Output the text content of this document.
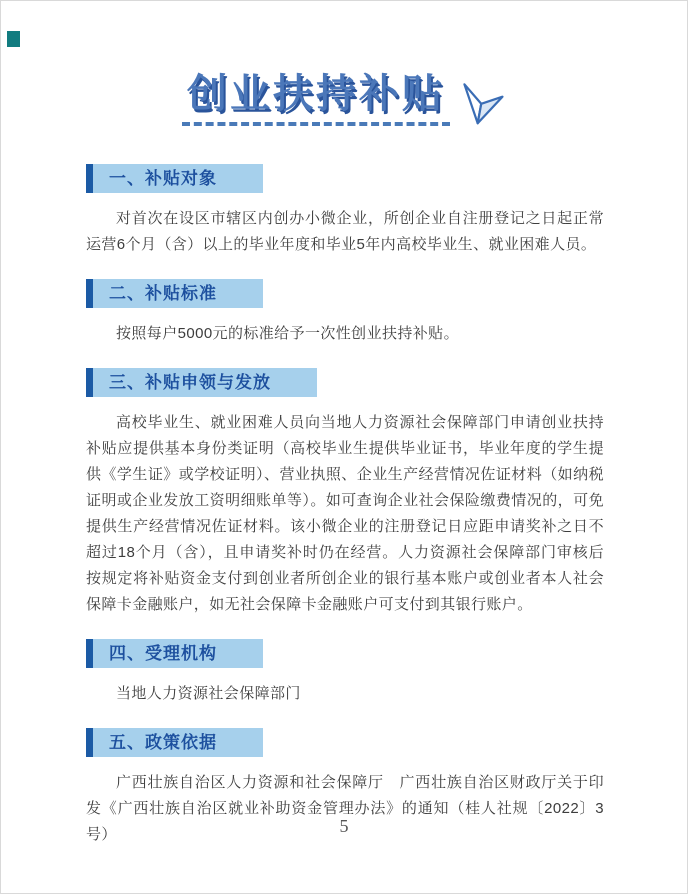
创业扶持补贴
一、补贴对象

对首次在设区市辖区内创办小微企业，所创企业自注册登记之日起正常运营6个月（含）以上的毕业年度和毕业5年内高校毕业生、就业困难人员。

二、补贴标准

按照每户5000元的标准给予一次性创业扶持补贴。

三、补贴申领与发放

高校毕业生、就业困难人员向当地人力资源社会保障部门申请创业扶持补贴应提供基本身份类证明（高校毕业生提供毕业证书，毕业年度的学生提供《学生证》或学校证明）、营业执照、企业生产经营情况佐证材料（如纳税证明或企业发放工资明细账单等）。如可查询企业社会保险缴费情况的，可免提供生产经营情况佐证材料。该小微企业的注册登记日应距申请奖补之日不超过18个月（含），且申请奖补时仍在经营。人力资源社会保障部门审核后按规定将补贴资金支付到创业者所创企业的银行基本账户或创业者本人社会保障卡金融账户，如无社会保障卡金融账户可支付到其银行账户。

四、受理机构

当地人力资源社会保障部门

五、政策依据

广西壮族自治区人力资源和社会保障厅　广西壮族自治区财政厅关于印发《广西壮族自治区就业补助资金管理办法》的通知（桂人社规〔2022〕3号）	5
